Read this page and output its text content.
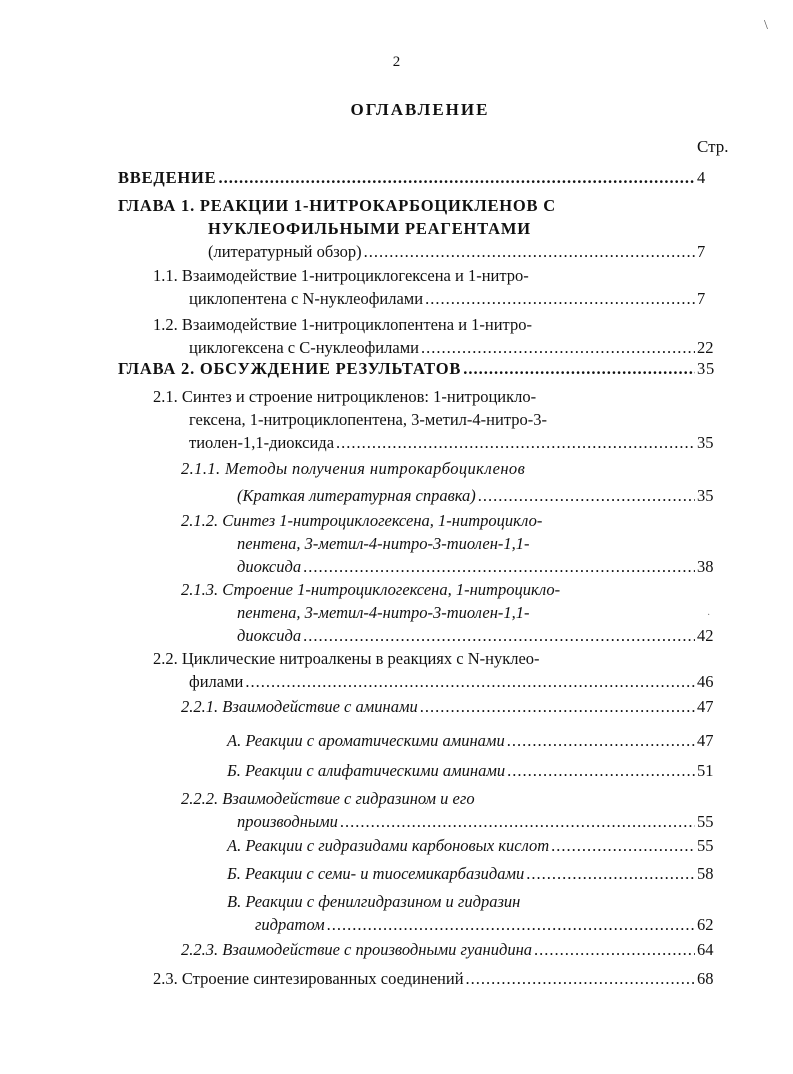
\
2
ОГЛАВЛЕНИЕ
Стр.
ВВЕДЕНИЕ .....	4
ГЛАВА 1. РЕАКЦИИ 1-НИТРОКАРБОЦИКЛЕНОВ С
НУКЛЕОФИЛЬНЫМИ РЕАГЕНТАМИ
(литературный обзор) .....	7
1.1. Взаимодействие 1-нитроциклогексена и 1-нитро-
циклопентена с N-нуклеофилами .....	7
1.2. Взаимодействие 1-нитроциклопентена и 1-нитро-
циклогексена с C-нуклеофилами .....	22
ГЛАВА 2. ОБСУЖДЕНИЕ РЕЗУЛЬТАТОВ .....	35
2.1. Синтез и строение нитроцикленов: 1-нитроцикло-
гексена, 1-нитроциклопентена, 3-метил-4-нитро-3-
тиолен-1,1-диоксида .....	35
2.1.1. Методы получения нитрокарбоцикленов
(Краткая литературная справка) .....	35
2.1.2. Синтез 1-нитроциклогексена, 1-нитроцикло-
пентена, 3-метил-4-нитро-3-тиолен-1,1-
диоксида .....	38
2.1.3. Строение 1-нитроциклогексена, 1-нитроцикло-
пентена, 3-метил-4-нитро-3-тиолен-1,1-
диоксида .....	42
·
2.2. Циклические нитроалкены в реакциях с N-нуклео-
филами .....	46
2.2.1. Взаимодействие с аминами .....	47
А. Реакции с ароматическими аминами .....	47
Б. Реакции с алифатическими аминами .....	51
2.2.2. Взаимодействие с гидразином и его
производными .....	55
А. Реакции с гидразидами карбоновых кислот .....	55
Б. Реакции с семи- и тиосемикарбазидами .....	58
В. Реакции с фенилгидразином и гидразин
гидратом .....	62
2.2.3. Взаимодействие с производными гуанидина .....	64
2.3. Строение синтезированных соединений .....	68
